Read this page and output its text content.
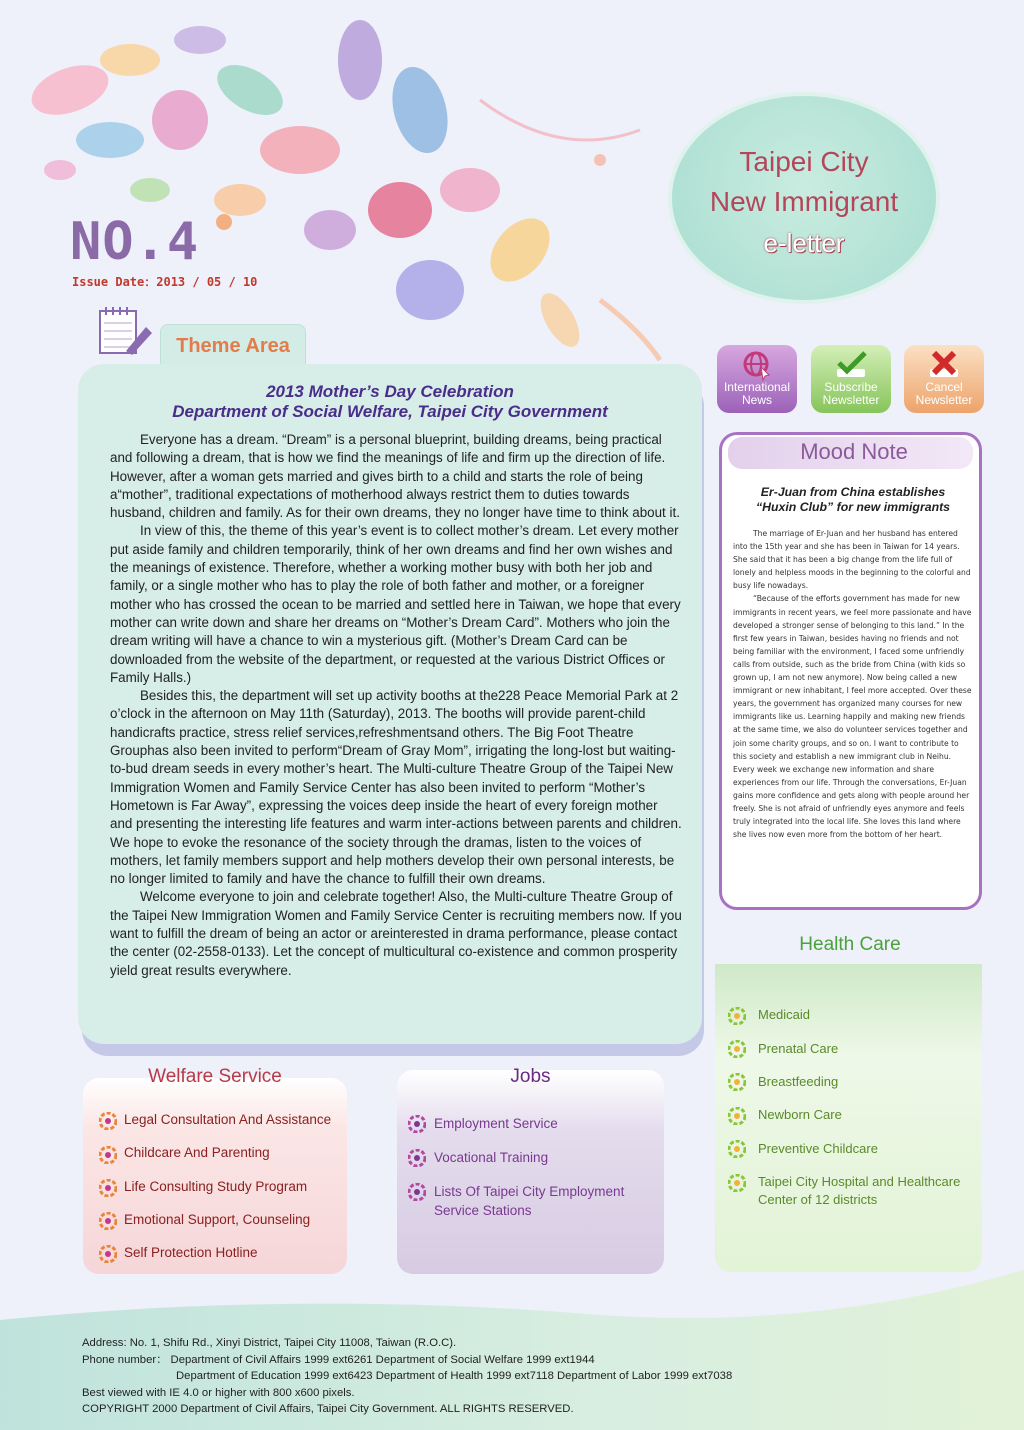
Taipei City
New Immigrant
e-letter
NO.4
Issue Date：2013 / 05 / 10
Theme Area
2013 Mother’s Day Celebration
Department of Social Welfare, Taipei City Government

Everyone has a dream. “Dream” is a personal blueprint, building dreams, being practical and following a dream, that is how we find the meanings of life and firm up the direction of life. However, after a woman gets married and gives birth to a child and starts the role of being a“mother”, traditional expectations of motherhood always restrict them to duties towards husband, children and family. As for their own dreams, they no longer have time to think about it.

In view of this, the theme of this year’s event is to collect mother’s dream. Let every mother put aside family and children temporarily, think of her own dreams and find her own wishes and the meanings of existence. Therefore, whether a working mother busy with both her job and family, or a single mother who has to play the role of both father and mother, or a foreigner mother who has crossed the ocean to be married and settled here in Taiwan, we hope that every mother can write down and share her dreams on “Mother’s Dream Card”. Mothers who join the dream writing will have a chance to win a mysterious gift. (Mother’s Dream Card can be downloaded from the website of the department, or requested at the various District Offices or Family Halls.)

Besides this, the department will set up activity booths at the228 Peace Memorial Park at 2 o’clock in the afternoon on May 11th (Saturday), 2013. The booths will provide parent-child handicrafts practice, stress relief services,refreshmentsand others. The Big Foot Theatre Grouphas also been invited to perform“Dream of Gray Mom”, irrigating the long-lost but waiting-to-bud dream seeds in every mother’s heart. The Multi-culture Theatre Group of the Taipei New Immigration Women and Family Service Center has also been invited to perform “Mother’s Hometown is Far Away”, expressing the voices deep inside the heart of every foreign mother and presenting the interesting life features and warm inter-actions between parents and children. We hope to evoke the resonance of the society through the dramas, listen to the voices of mothers, let family members support and help mothers develop their own personal interests, be no longer limited to family and have the chance to fulfill their own dreams.

Welcome everyone to join and celebrate together! Also, the Multi-culture Theatre Group of the Taipei New Immigration Women and Family Service Center is recruiting members now. If you want to fulfill the dream of being an actor or areinterested in drama performance, please contact the center (02-2558-0133). Let the concept of multicultural co-existence and common prosperity yield great results everywhere.

International
News
Subscribe
Newsletter
Cancel
Newsletter
Mood Note
Er-Juan from China establishes
“Huxin Club” for new immigrants

The marriage of Er-Juan and her husband has entered into the 15th year and she has been in Taiwan for 14 years. She said that it has been a big change from the life full of lonely and helpless moods in the beginning to the colorful and busy life nowadays.

“Because of the efforts government has made for new immigrants in recent years, we feel more passionate and have developed a stronger sense of belonging to this land.” In the first few years in Taiwan, besides having no friends and not being familiar with the environment, I faced some unfriendly calls from outside, such as the bride from China (with kids so grown up, I am not new anymore). Now being called a new immigrant or new inhabitant, I feel more accepted. Over these years, the government has organized many courses for new immigrants like us. Learning happily and making new friends at the same time, we also do volunteer services together and join some charity groups, and so on. I want to contribute to this society and establish a new immigrant club in Neihu. Every week we exchange new information and share experiences from our life. Through the conversations, Er-Juan gains more confidence and gets along with people around her freely. She is not afraid of unfriendly eyes anymore and feels truly integrated into the local life. She loves this land where she lives now even more from the bottom of her heart.

Health Care
Medicaid
Prenatal Care
Breastfeeding
Newborn Care
Preventive Childcare
Taipei City Hospital and Healthcare Center of 12 districts
Welfare Service
Legal Consultation And Assistance
Childcare And Parenting
Life Consulting Study Program
Emotional Support, Counseling
Self Protection Hotline
Jobs
Employment Service
Vocational Training
Lists Of Taipei City Employment Service Stations
Address: No. 1, Shifu Rd., Xinyi District, Taipei City 11008, Taiwan (R.O.C).
Phone number： Department of Civil Affairs 1999 ext6261 Department of Social Welfare 1999 ext1944
Department of Education 1999 ext6423 Department of Health 1999 ext7118 Department of Labor 1999 ext7038
Best viewed with IE 4.0 or higher with 800 x600 pixels.
COPYRIGHT 2000 Department of Civil Affairs, Taipei City Government. ALL RIGHTS RESERVED.
